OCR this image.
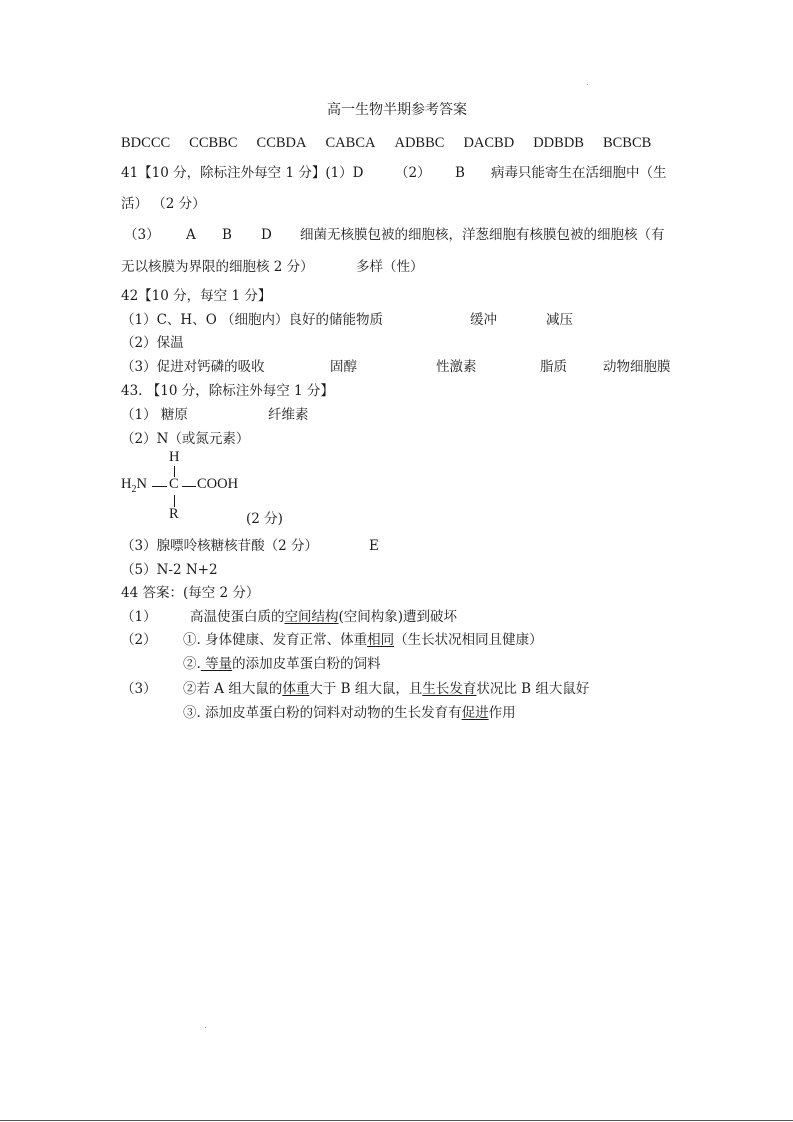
高一生物半期参考答案
BDCCC CCBBC CCBDA CABCA ADBBC DACBD DDBDB BCBCB
41【10 分，除标注外每空 1 分】(1）D （2） B 病毒只能寄生在活细胞中（生
活） （2 分）
（3） A B D 细菌无核膜包被的细胞核，洋葱细胞有核膜包被的细胞核（有
无以核膜为界限的细胞核 2 分）	多样（性）
42【10 分，每空 1 分】
（1）C、H、O （细胞内）良好的储能物质	缓冲	减压
（2）保温
（3）促进对钙磷的吸收	固醇	性激素	脂质	动物细胞膜
43. 【10 分，除标注外每空 1 分】
（1） 糖原	纤维素
（2）N（或氮元素）
H
$H_2N$ C COOH
R	(2 分)
（3）腺嘌呤核糖核苷酸（2 分）	E
（5）N-2 N+2
44 答案：(每空 2 分）
（1） 高温使蛋白质的空间结构(空间构象)遭到破坏
（2） ①. 身体健康、发育正常、体重相同（生长状况相同且健康）
②. 等量的添加皮革蛋白粉的饲料
（3） ②若 A 组大鼠的体重大于 B 组大鼠，且生长发育状况比 B 组大鼠好
③. 添加皮革蛋白粉的饲料对动物的生长发育有促进作用
